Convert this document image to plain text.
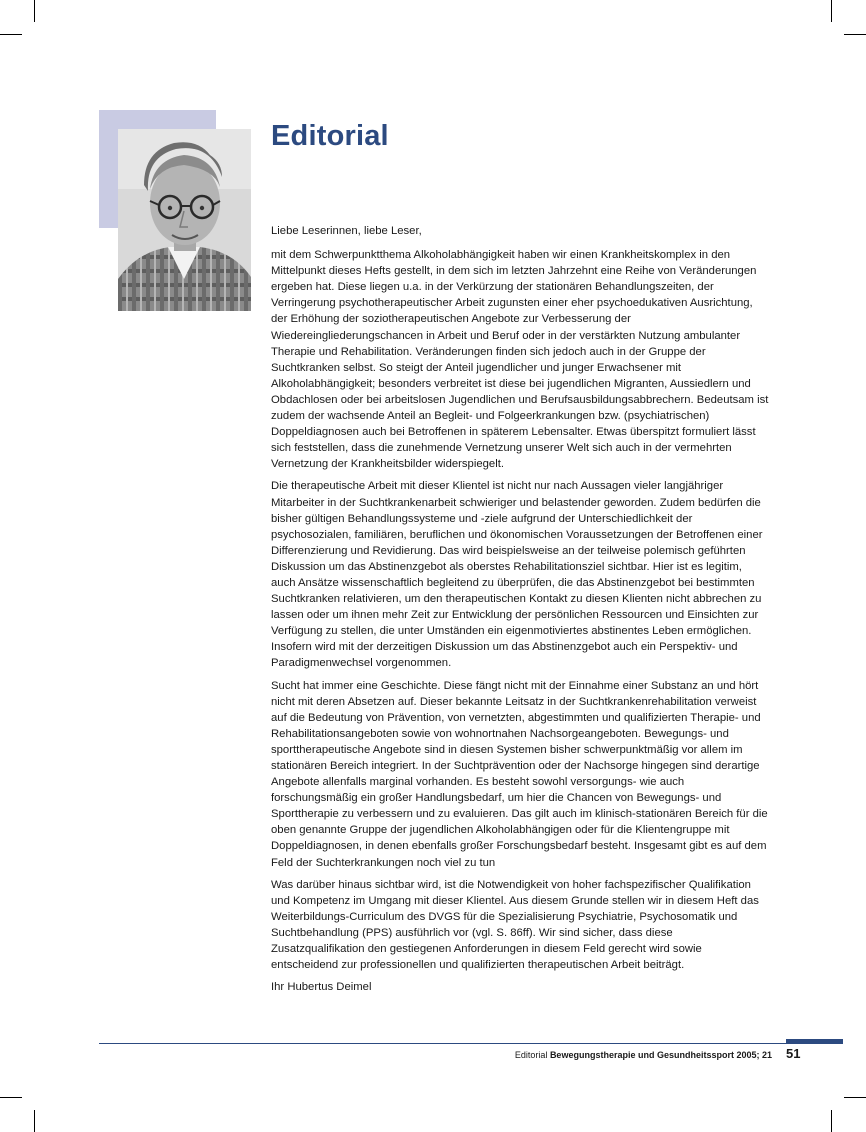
Editorial

Liebe Leserinnen, liebe Leser,

mit dem Schwerpunktthema Alkoholabhängigkeit haben wir einen Krankheitskomplex in den Mittelpunkt dieses Hefts gestellt, in dem sich im letzten Jahrzehnt eine Reihe von Veränderungen ergeben hat. Diese liegen u.a. in der Verkürzung der stationären Behandlungszeiten, der Verringerung psychotherapeutischer Arbeit zugunsten einer eher psychoedukativen Ausrichtung, der Erhöhung der soziotherapeutischen Angebote zur Verbesserung der Wiedereingliederungschancen in Arbeit und Beruf oder in der verstärkten Nutzung ambulanter Therapie und Rehabilitation. Veränderungen finden sich jedoch auch in der Gruppe der Suchtkranken selbst. So steigt der Anteil jugendlicher und junger Erwachsener mit Alkoholabhängigkeit; besonders verbreitet ist diese bei jugendlichen Migranten, Aussiedlern und Obdachlosen oder bei arbeitslosen Jugendlichen und Berufsausbildungsabbrechern. Bedeutsam ist zudem der wachsende Anteil an Begleit- und Folgeerkrankungen bzw. (psychiatrischen) Doppeldiagnosen auch bei Betroffenen in späterem Lebensalter. Etwas überspitzt formuliert lässt sich feststellen, dass die zunehmende Vernetzung unserer Welt sich auch in der vermehrten Vernetzung der Krankheitsbilder widerspiegelt.

Die therapeutische Arbeit mit dieser Klientel ist nicht nur nach Aussagen vieler langjähriger Mitarbeiter in der Suchtkrankenarbeit schwieriger und belastender geworden. Zudem bedürfen die bisher gültigen Behandlungssysteme und -ziele aufgrund der Unterschiedlichkeit der psychosozialen, familiären, beruflichen und ökonomischen Voraussetzungen der Betroffenen einer Differenzierung und Revidierung. Das wird beispielsweise an der teilweise polemisch geführten Diskussion um das Abstinenzgebot als oberstes Rehabilitationsziel sichtbar. Hier ist es legitim, auch Ansätze wissenschaftlich begleitend zu überprüfen, die das Abstinenzgebot bei bestimmten Suchtkranken relativieren, um den therapeutischen Kontakt zu diesen Klienten nicht abbrechen zu lassen oder um ihnen mehr Zeit zur Entwicklung der persönlichen Ressourcen und Einsichten zur Verfügung zu stellen, die unter Umständen ein eigenmotiviertes abstinentes Leben ermöglichen. Insofern wird mit der derzeitigen Diskussion um das Abstinenzgebot auch ein Perspektiv- und Paradigmenwechsel vorgenommen.

Sucht hat immer eine Geschichte. Diese fängt nicht mit der Einnahme einer Substanz an und hört nicht mit deren Absetzen auf. Dieser bekannte Leitsatz in der Suchtkrankenrehabilitation verweist auf die Bedeutung von Prävention, von vernetzten, abgestimmten und qualifizierten Therapie- und Rehabilitationsangeboten sowie von wohnortnahen Nachsorgeangeboten. Bewegungs- und sporttherapeutische Angebote sind in diesen Systemen bisher schwerpunktmäßig vor allem im stationären Bereich integriert. In der Suchtprävention oder der Nachsorge hingegen sind derartige Angebote allenfalls marginal vorhanden. Es besteht sowohl versorgungs- wie auch forschungsmäßig ein großer Handlungsbedarf, um hier die Chancen von Bewegungs- und Sporttherapie zu verbessern und zu evaluieren. Das gilt auch im klinisch-stationären Bereich für die oben genannte Gruppe der jugendlichen Alkoholabhängigen oder für die Klientengruppe mit Doppeldiagnosen, in denen ebenfalls großer Forschungsbedarf besteht. Insgesamt gibt es auf dem Feld der Suchterkrankungen noch viel zu tun

Was darüber hinaus sichtbar wird, ist die Notwendigkeit von hoher fachspezifischer Qualifikation und Kompetenz im Umgang mit dieser Klientel. Aus diesem Grunde stellen wir in diesem Heft das Weiterbildungs-Curriculum des DVGS für die Spezialisierung Psychiatrie, Psychosomatik und Suchtbehandlung (PPS) ausführlich vor (vgl. S. 86ff). Wir sind sicher, dass diese Zusatzqualifikation den gestiegenen Anforderungen in diesem Feld gerecht wird sowie entscheidend zur professionellen und qualifizierten therapeutischen Arbeit beiträgt.

Ihr Hubertus Deimel

Editorial Bewegungstherapie und Gesundheitssport 2005; 21 51
